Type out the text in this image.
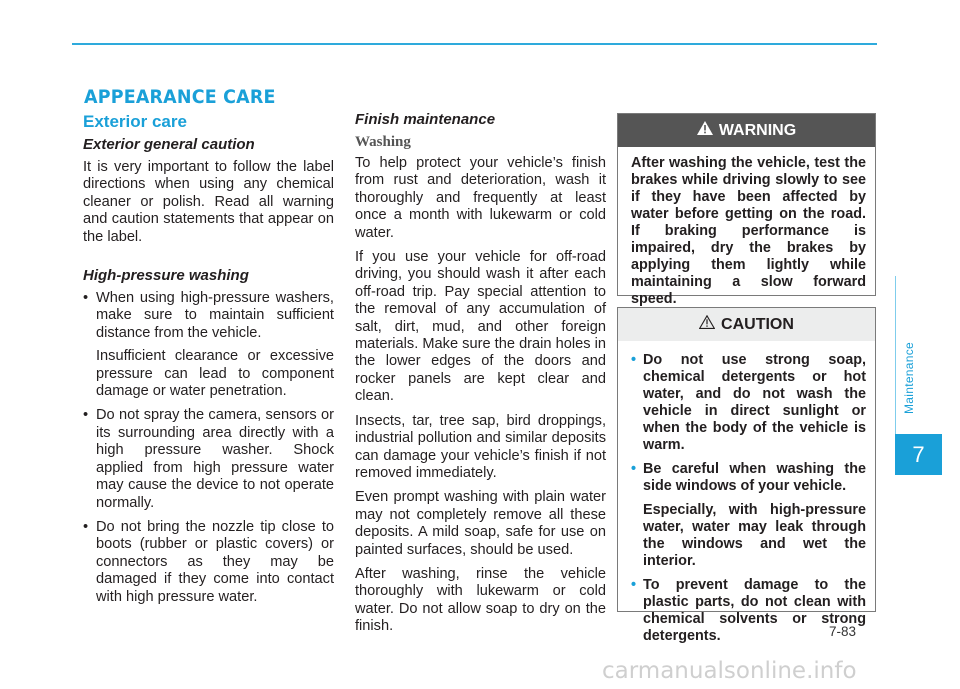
APPEARANCE CARE
Exterior care
Exterior general caution

It is very important to follow the label directions when using any chemical cleaner or polish. Read all warning and caution statements that appear on the label.

High-pressure washing
• When using high-pressure washers, make sure to maintain sufficient distance from the vehicle.

Insufficient clearance or excessive pressure can lead to component damage or water penetration.

• Do not spray the camera, sensors or its surrounding area directly with a high pressure washer. Shock applied from high pressure water may cause the device to not operate normally.
• Do not bring the nozzle tip close to boots (rubber or plastic covers) or connectors as they may be damaged if they come into contact with high pressure water.
Finish maintenance
Washing

To help protect your vehicle’s finish from rust and deterioration, wash it thoroughly and frequently at least once a month with lukewarm or cold water.

If you use your vehicle for off-road driving, you should wash it after each off-road trip. Pay special attention to the removal of any accumulation of salt, dirt, mud, and other foreign materials. Make sure the drain holes in the lower edges of the doors and rocker panels are kept clear and clean.

Insects, tar, tree sap, bird droppings, industrial pollution and similar deposits can damage your vehicle’s finish if not removed immediately.

Even prompt washing with plain water may not completely remove all these deposits. A mild soap, safe for use on painted surfaces, should be used.

After washing, rinse the vehicle thoroughly with lukewarm or cold water. Do not allow soap to dry on the finish.

WARNING

After washing the vehicle, test the brakes while driving slowly to see if they have been affected by water before getting on the road. If braking performance is impaired, dry the brakes by applying them lightly while maintaining a slow forward speed.

CAUTION
• Do not use strong soap, chemical detergents or hot water, and do not wash the vehicle in direct sunlight or when the body of the vehicle is warm.
• Be careful when washing the side windows of your vehicle.

Especially, with high-pressure water, water may leak through the windows and wet the interior.

• To prevent damage to the plastic parts, do not clean with chemical solvents or strong detergents.
Maintenance
7
7-83
carmanualsonline.info
